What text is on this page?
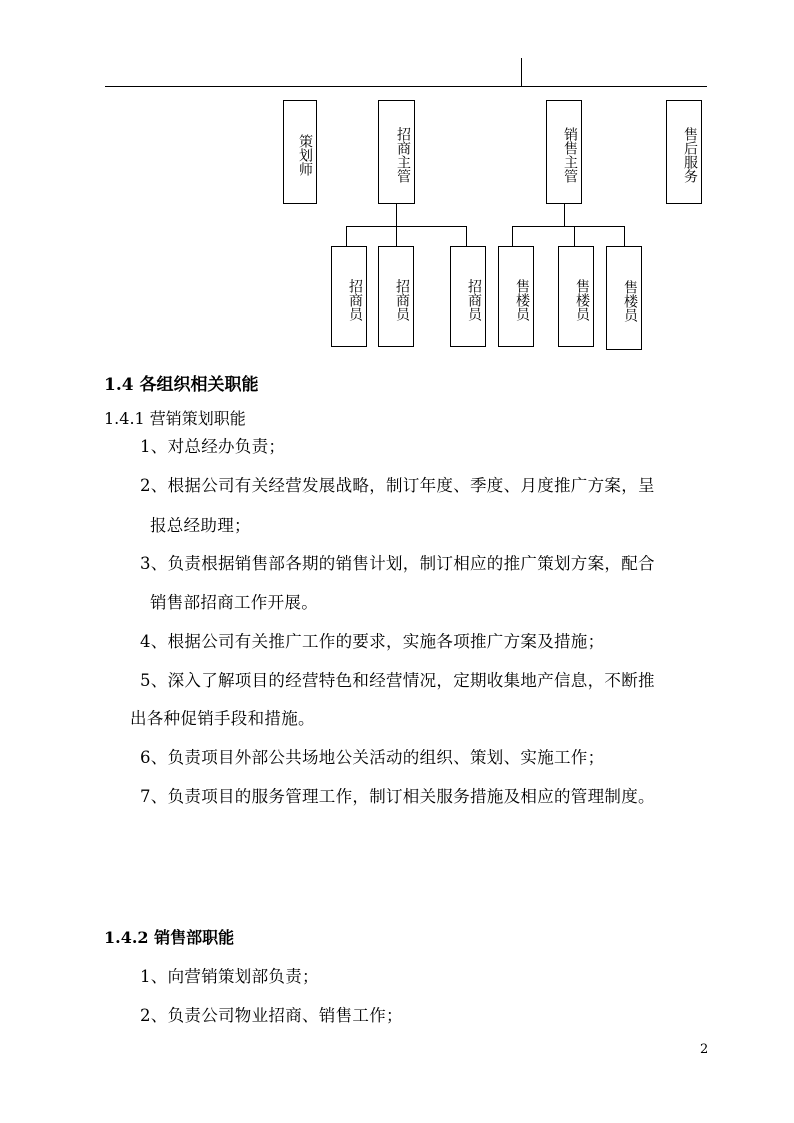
策划师	招商主管	销售主管	售后服务
招商员	招商员	招商员	售楼员	售楼员	售楼员
1.4 各组织相关职能
1.4.1 营销策划职能
1、对总经办负责；
2、根据公司有关经营发展战略，制订年度、季度、月度推广方案，呈
报总经助理；
3、负责根据销售部各期的销售计划，制订相应的推广策划方案，配合
销售部招商工作开展。
4、根据公司有关推广工作的要求，实施各项推广方案及措施；
5、深入了解项目的经营特色和经营情况，定期收集地产信息，不断推
出各种促销手段和措施。
6、负责项目外部公共场地公关活动的组织、策划、实施工作；
7、负责项目的服务管理工作，制订相关服务措施及相应的管理制度。
1.4.2 销售部职能
1、向营销策划部负责；
2、负责公司物业招商、销售工作；
2
